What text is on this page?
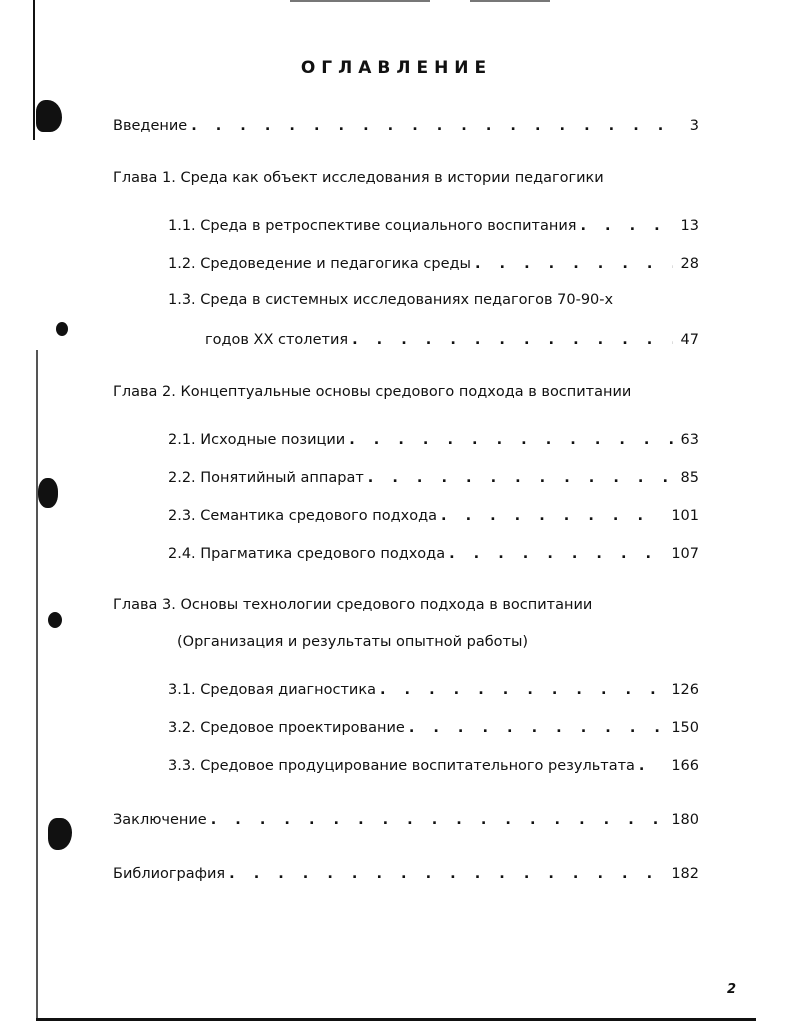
ОГЛАВЛЕНИЕ
Введение . . .	3
Глава 1. Среда как объект исследования в истории педагогики
1.1. Среда в ретроспективе социального воспитания . . .	13
1.2. Средоведение и педагогика среды . . .	28
1.3. Среда в системных исследованиях педагогов 70-90-х
годов XX столетия . . .	47
Глава 2. Концептуальные основы средового подхода в воспитании
2.1. Исходные позиции . . .	63
2.2. Понятийный аппарат . . .	85
2.3. Семантика средового подхода . . .	101
2.4. Прагматика средового подхода . . .	107
Глава 3. Основы технологии средового подхода в воспитании
(Организация и результаты опытной работы)
3.1. Средовая диагностика . . .	126
3.2. Средовое проектирование . . .	150
3.3. Средовое продуцирование воспитательного результата . . .	166
Заключение . . .	180
Библиография . . .	182
2
